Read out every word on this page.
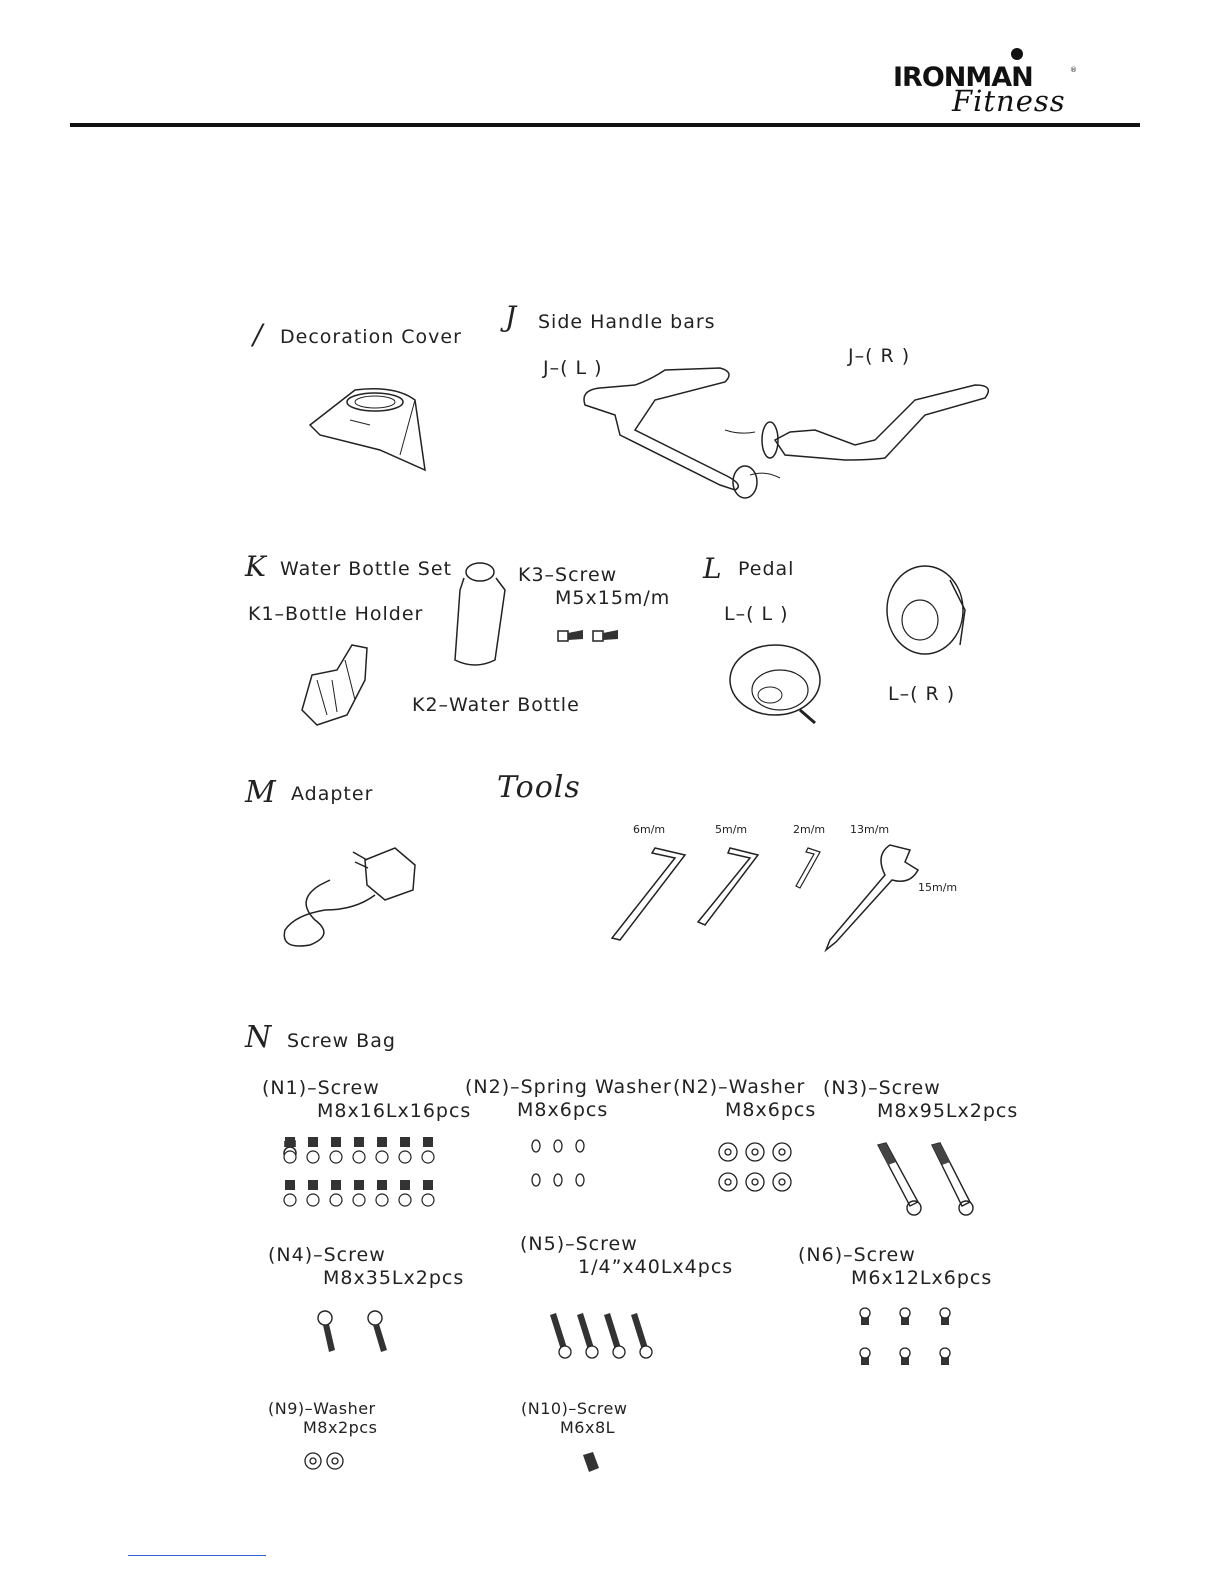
IRONMAN	®
Fitness
/ Decoration Cover
J Side Handle bars
J–( L )
J–( R )
K Water Bottle Set
K1–Bottle Holder
K2–Water Bottle
K3–Screw
M5x15m/m
L Pedal
L–( L )
L–( R )
M Adapter	Tools
6m/m	5m/m	2m/m 13m/m
15m/m
N Screw Bag
(N1)–Screw
M8x16Lx16pcs
(N2)–Spring Washer
M8x6pcs
(N2)–Washer
M8x6pcs
(N3)–Screw
M8x95Lx2pcs
(N4)–Screw
M8x35Lx2pcs
(N5)–Screw
1/4”x40Lx4pcs
(N6)–Screw
M6x12Lx6pcs
(N9)–Washer
M8x2pcs
(N10)–Screw
M6x8L
